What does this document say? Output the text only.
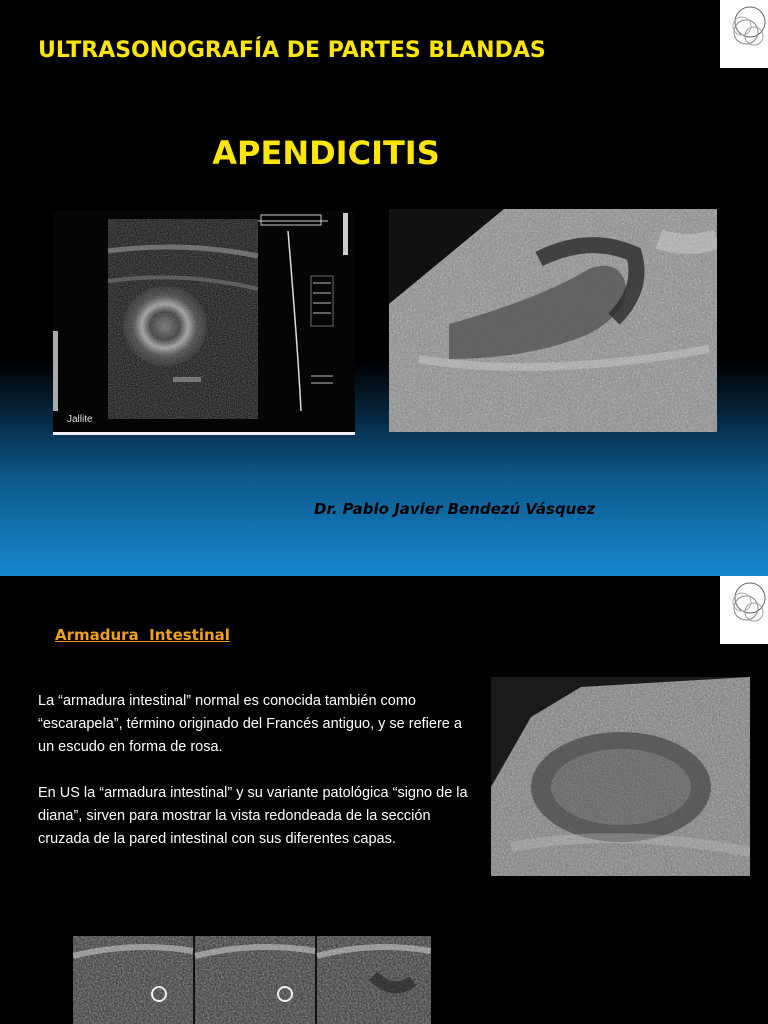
ULTRASONOGRAFÍA DE PARTES BLANDAS
APENDICITIS
Jallite
Dr. Pablo Javier Bendezú Vásquez
Armadura  Intestinal

La “armadura intestinal” normal es conocida también como “escarapela”, término originado del Francés antiguo, y se refiere a un escudo en forma de rosa.

En US la “armadura intestinal” y su variante patológica “signo de la diana”, sirven para mostrar la vista redondeada de la sección cruzada de la pared intestinal con sus diferentes capas.
